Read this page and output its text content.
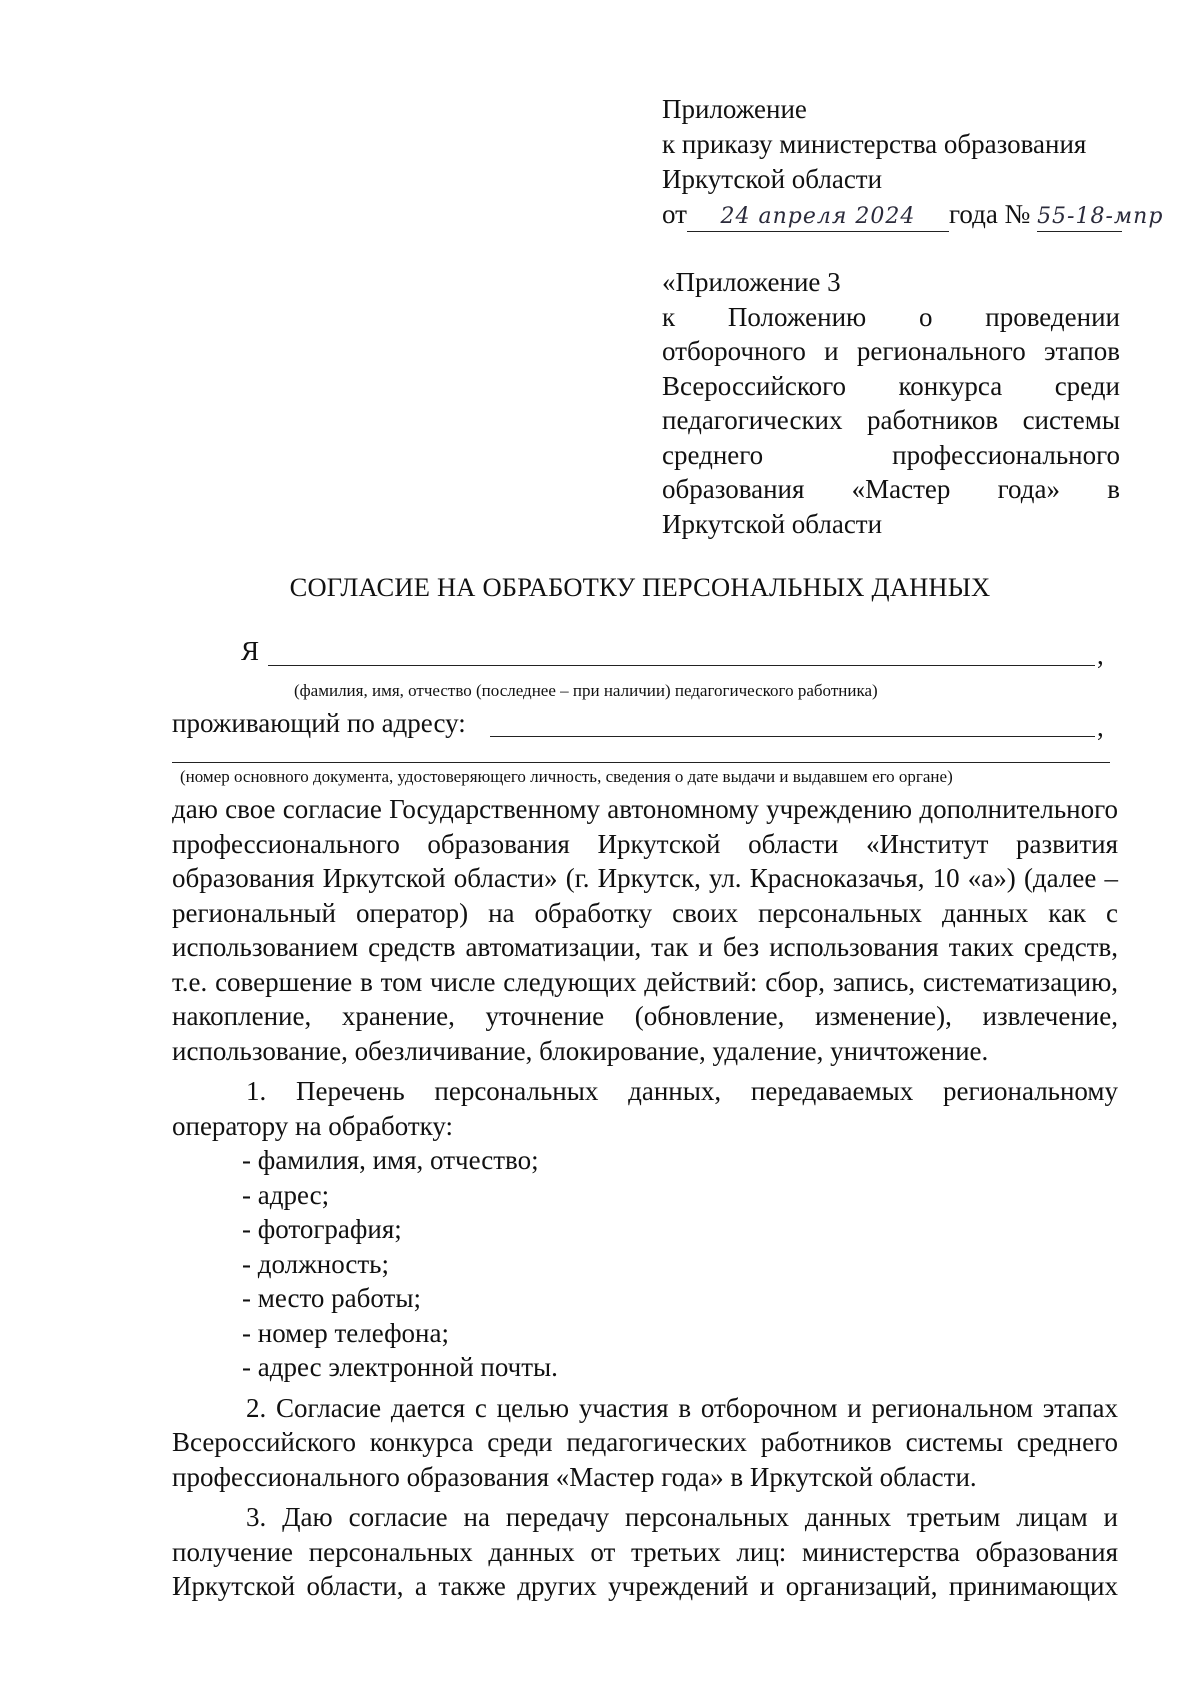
Приложение
к приказу министерства образования
Иркутской области
от 24 апреля 2024 года № 55-18-мпр
«Приложение 3
к Положению о проведении отборочного и регионального этапов Всероссийского конкурса среди педагогических работников системы среднего профессионального образования «Мастер года» в Иркутской области
СОГЛАСИЕ НА ОБРАБОТКУ ПЕРСОНАЛЬНЫХ ДАННЫХ
Я	,
(фамилия, имя, отчество (последнее – при наличии) педагогического работника)
проживающий по адресу:	,
(номер основного документа, удостоверяющего личность, сведения о дате выдачи и выдавшем его органе)

даю свое согласие Государственному автономному учреждению дополнительного профессионального образования Иркутской области «Институт развития образования Иркутской области» (г. Иркутск, ул. Красноказачья, 10 «а») (далее – региональный оператор) на обработку своих персональных данных как с использованием средств автоматизации, так и без использования таких средств, т.е. совершение в том числе следующих действий: сбор, запись, систематизацию, накопление, хранение, уточнение (обновление, изменение), извлечение, использование, обезличивание, блокирование, удаление, уничтожение.

1. Перечень персональных данных, передаваемых региональному оператору на обработку:

- фамилия, имя, отчество;

- адрес;

- фотография;

- должность;

- место работы;

- номер телефона;

- адрес электронной почты.

2. Согласие дается с целью участия в отборочном и региональном этапах Всероссийского конкурса среди педагогических работников системы среднего профессионального образования «Мастер года» в Иркутской области.

3. Даю согласие на передачу персональных данных третьим лицам и получение персональных данных от третьих лиц: министерства образования Иркутской области, а также других учреждений и организаций, принимающих
